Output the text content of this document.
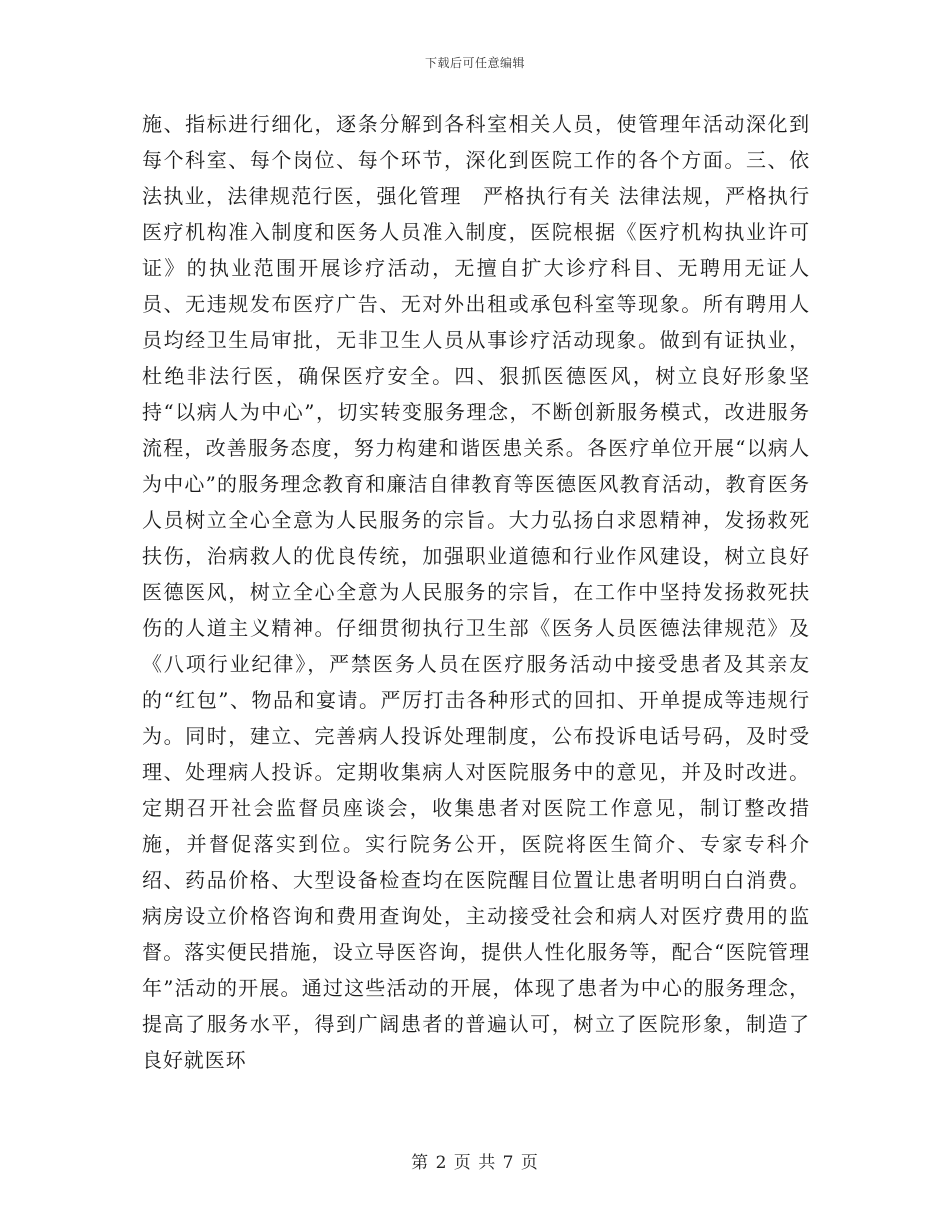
下载后可任意编辑

施、指标进行细化，逐条分解到各科室相关人员，使管理年活动深化到每个科室、每个岗位、每个环节，深化到医院工作的各个方面。三、依法执业，法律规范行医，强化管理　严格执行有关 法律法规，严格执行医疗机构准入制度和医务人员准入制度，医院根据《医疗机构执业许可证》的执业范围开展诊疗活动，无擅自扩大诊疗科目、无聘用无证人员、无违规发布医疗广告、无对外出租或承包科室等现象。所有聘用人员均经卫生局审批，无非卫生人员从事诊疗活动现象。做到有证执业，杜绝非法行医，确保医疗安全。四、狠抓医德医风，树立良好形象坚持“以病人为中心”，切实转变服务理念，不断创新服务模式，改进服务流程，改善服务态度，努力构建和谐医患关系。各医疗单位开展“以病人为中心”的服务理念教育和廉洁自律教育等医德医风教育活动，教育医务人员树立全心全意为人民服务的宗旨。大力弘扬白求恩精神，发扬救死扶伤，治病救人的优良传统，加强职业道德和行业作风建设，树立良好医德医风，树立全心全意为人民服务的宗旨，在工作中坚持发扬救死扶伤的人道主义精神。仔细贯彻执行卫生部《医务人员医德法律规范》及《八项行业纪律》，严禁医务人员在医疗服务活动中接受患者及其亲友的“红包”、物品和宴请。严厉打击各种形式的回扣、开单提成等违规行为。同时，建立、完善病人投诉处理制度，公布投诉电话号码，及时受理、处理病人投诉。定期收集病人对医院服务中的意见，并及时改进。定期召开社会监督员座谈会，收集患者对医院工作意见，制订整改措施，并督促落实到位。实行院务公开，医院将医生简介、专家专科介绍、药品价格、大型设备检查均在医院醒目位置让患者明明白白消费。病房设立价格咨询和费用查询处，主动接受社会和病人对医疗费用的监督。落实便民措施，设立导医咨询，提供人性化服务等，配合“医院管理年”活动的开展。通过这些活动的开展，体现了患者为中心的服务理念，提高了服务水平，得到广阔患者的普遍认可，树立了医院形象，制造了良好就医环

第 2 页 共 7 页
